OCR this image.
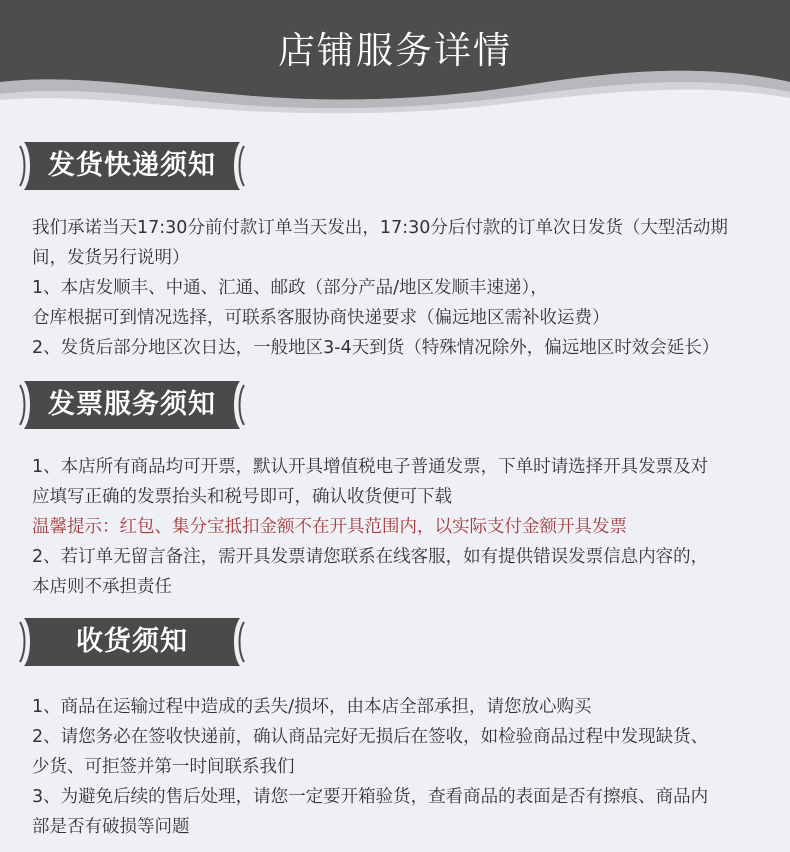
店铺服务详情
发货快递须知
我们承诺当天17:30分前付款订单当天发出，17:30分后付款的订单次日发货（大型活动期
间，发货另行说明）
1、本店发顺丰、中通、汇通、邮政（部分产品/地区发顺丰速递），
仓库根据可到情况选择，可联系客服协商快递要求（偏远地区需补收运费）
2、发货后部分地区次日达，一般地区3-4天到货（特殊情况除外，偏远地区时效会延长）
发票服务须知
1、本店所有商品均可开票，默认开具增值税电子普通发票，下单时请选择开具发票及对
应填写正确的发票抬头和税号即可，确认收货便可下载
温馨提示：红包、集分宝抵扣金额不在开具范围内，以实际支付金额开具发票
2、若订单无留言备注，需开具发票请您联系在线客服，如有提供错误发票信息内容的，
本店则不承担责任
收货须知
1、商品在运输过程中造成的丢失/损坏，由本店全部承担，请您放心购买
2、请您务必在签收快递前，确认商品完好无损后在签收，如检验商品过程中发现缺货、
少货、可拒签并第一时间联系我们
3、为避免后续的售后处理，请您一定要开箱验货，查看商品的表面是否有擦痕、商品内
部是否有破损等问题
